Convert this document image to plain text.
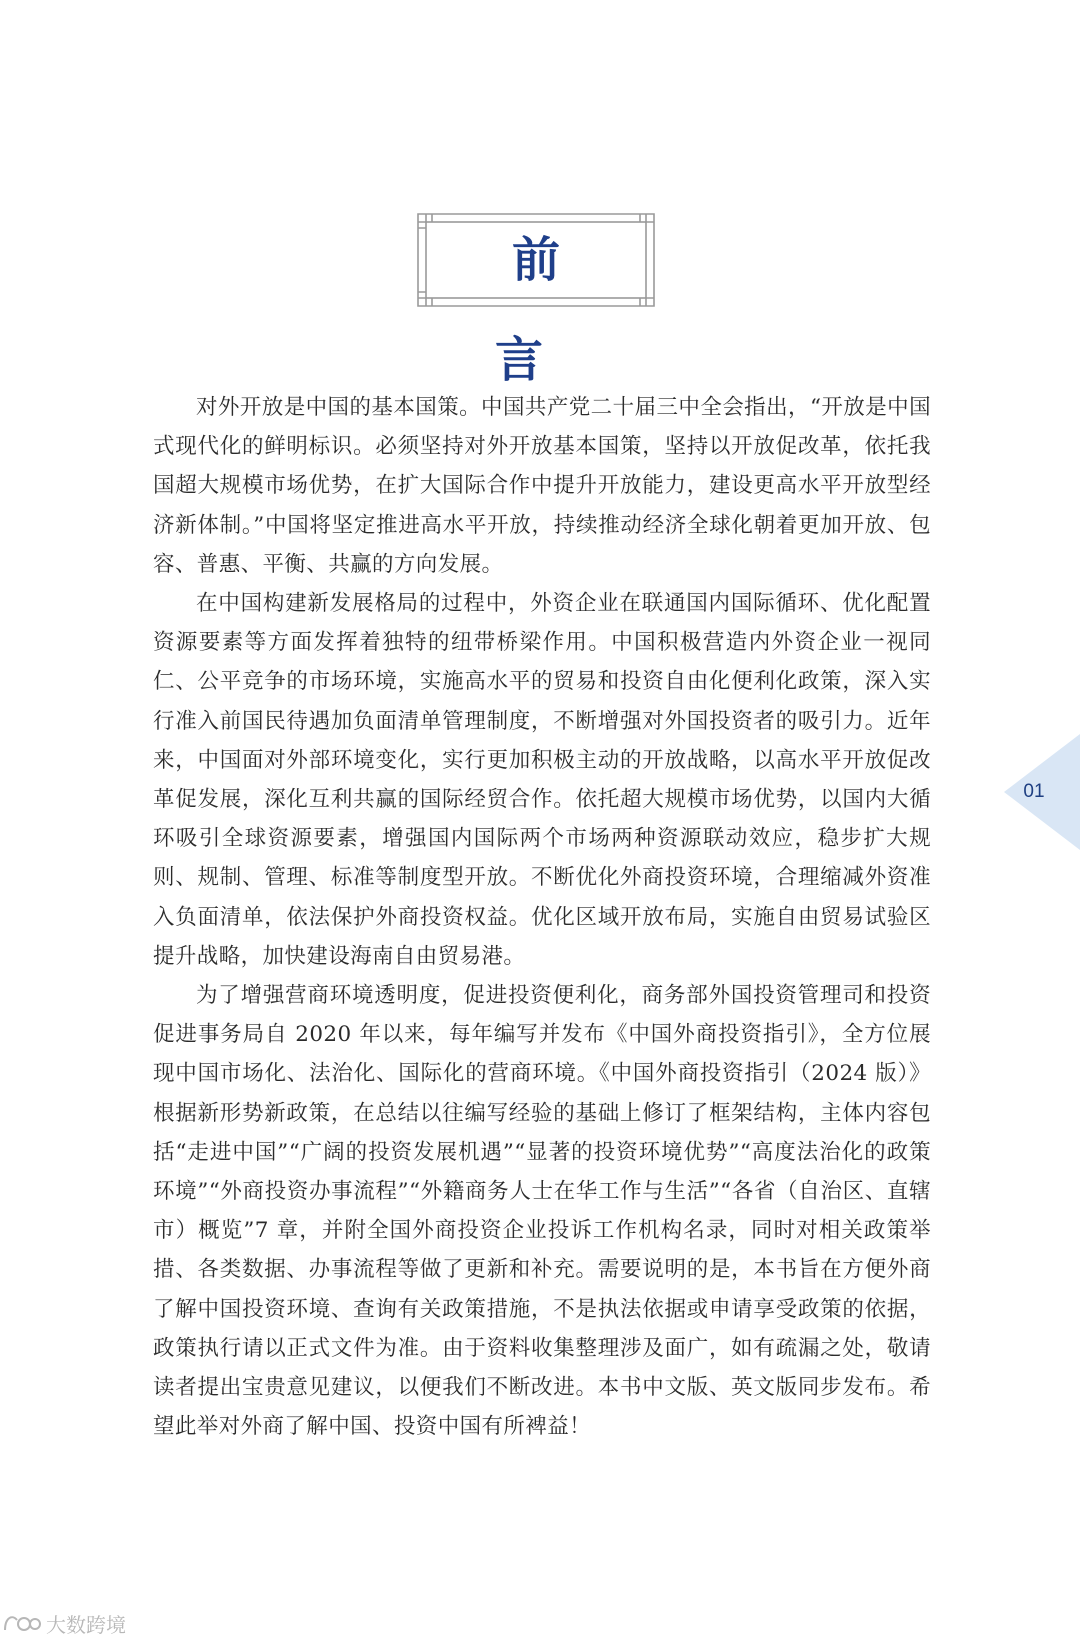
前 言

对外开放是中国的基本国策。中国共产党二十届三中全会指出，“开放是中国式现代化的鲜明标识。必须坚持对外开放基本国策，坚持以开放促改革，依托我国超大规模市场优势，在扩大国际合作中提升开放能力，建设更高水平开放型经济新体制。”中国将坚定推进高水平开放，持续推动经济全球化朝着更加开放、包容、普惠、平衡、共赢的方向发展。

在中国构建新发展格局的过程中，外资企业在联通国内国际循环、优化配置资源要素等方面发挥着独特的纽带桥梁作用。中国积极营造内外资企业一视同仁、公平竞争的市场环境，实施高水平的贸易和投资自由化便利化政策，深入实行准入前国民待遇加负面清单管理制度，不断增强对外国投资者的吸引力。近年来，中国面对外部环境变化，实行更加积极主动的开放战略，以高水平开放促改革促发展，深化互利共赢的国际经贸合作。依托超大规模市场优势，以国内大循环吸引全球资源要素，增强国内国际两个市场两种资源联动效应，稳步扩大规则、规制、管理、标准等制度型开放。不断优化外商投资环境，合理缩减外资准入负面清单，依法保护外商投资权益。优化区域开放布局，实施自由贸易试验区提升战略，加快建设海南自由贸易港。

为了增强营商环境透明度，促进投资便利化，商务部外国投资管理司和投资促进事务局自 2020 年以来，每年编写并发布《中国外商投资指引》，全方位展现中国市场化、法治化、国际化的营商环境。《中国外商投资指引（2024 版）》根据新形势新政策，在总结以往编写经验的基础上修订了框架结构，主体内容包括“走进中国”“广阔的投资发展机遇”“显著的投资环境优势”“高度法治化的政策环境”“外商投资办事流程”“外籍商务人士在华工作与生活”“各省（自治区、直辖市）概览”7 章，并附全国外商投资企业投诉工作机构名录，同时对相关政策举措、各类数据、办事流程等做了更新和补充。需要说明的是，本书旨在方便外商了解中国投资环境、查询有关政策措施，不是执法依据或申请享受政策的依据，政策执行请以正式文件为准。由于资料收集整理涉及面广，如有疏漏之处，敬请读者提出宝贵意见建议，以便我们不断改进。本书中文版、英文版同步发布。希望此举对外商了解中国、投资中国有所裨益！

01
大数跨境
